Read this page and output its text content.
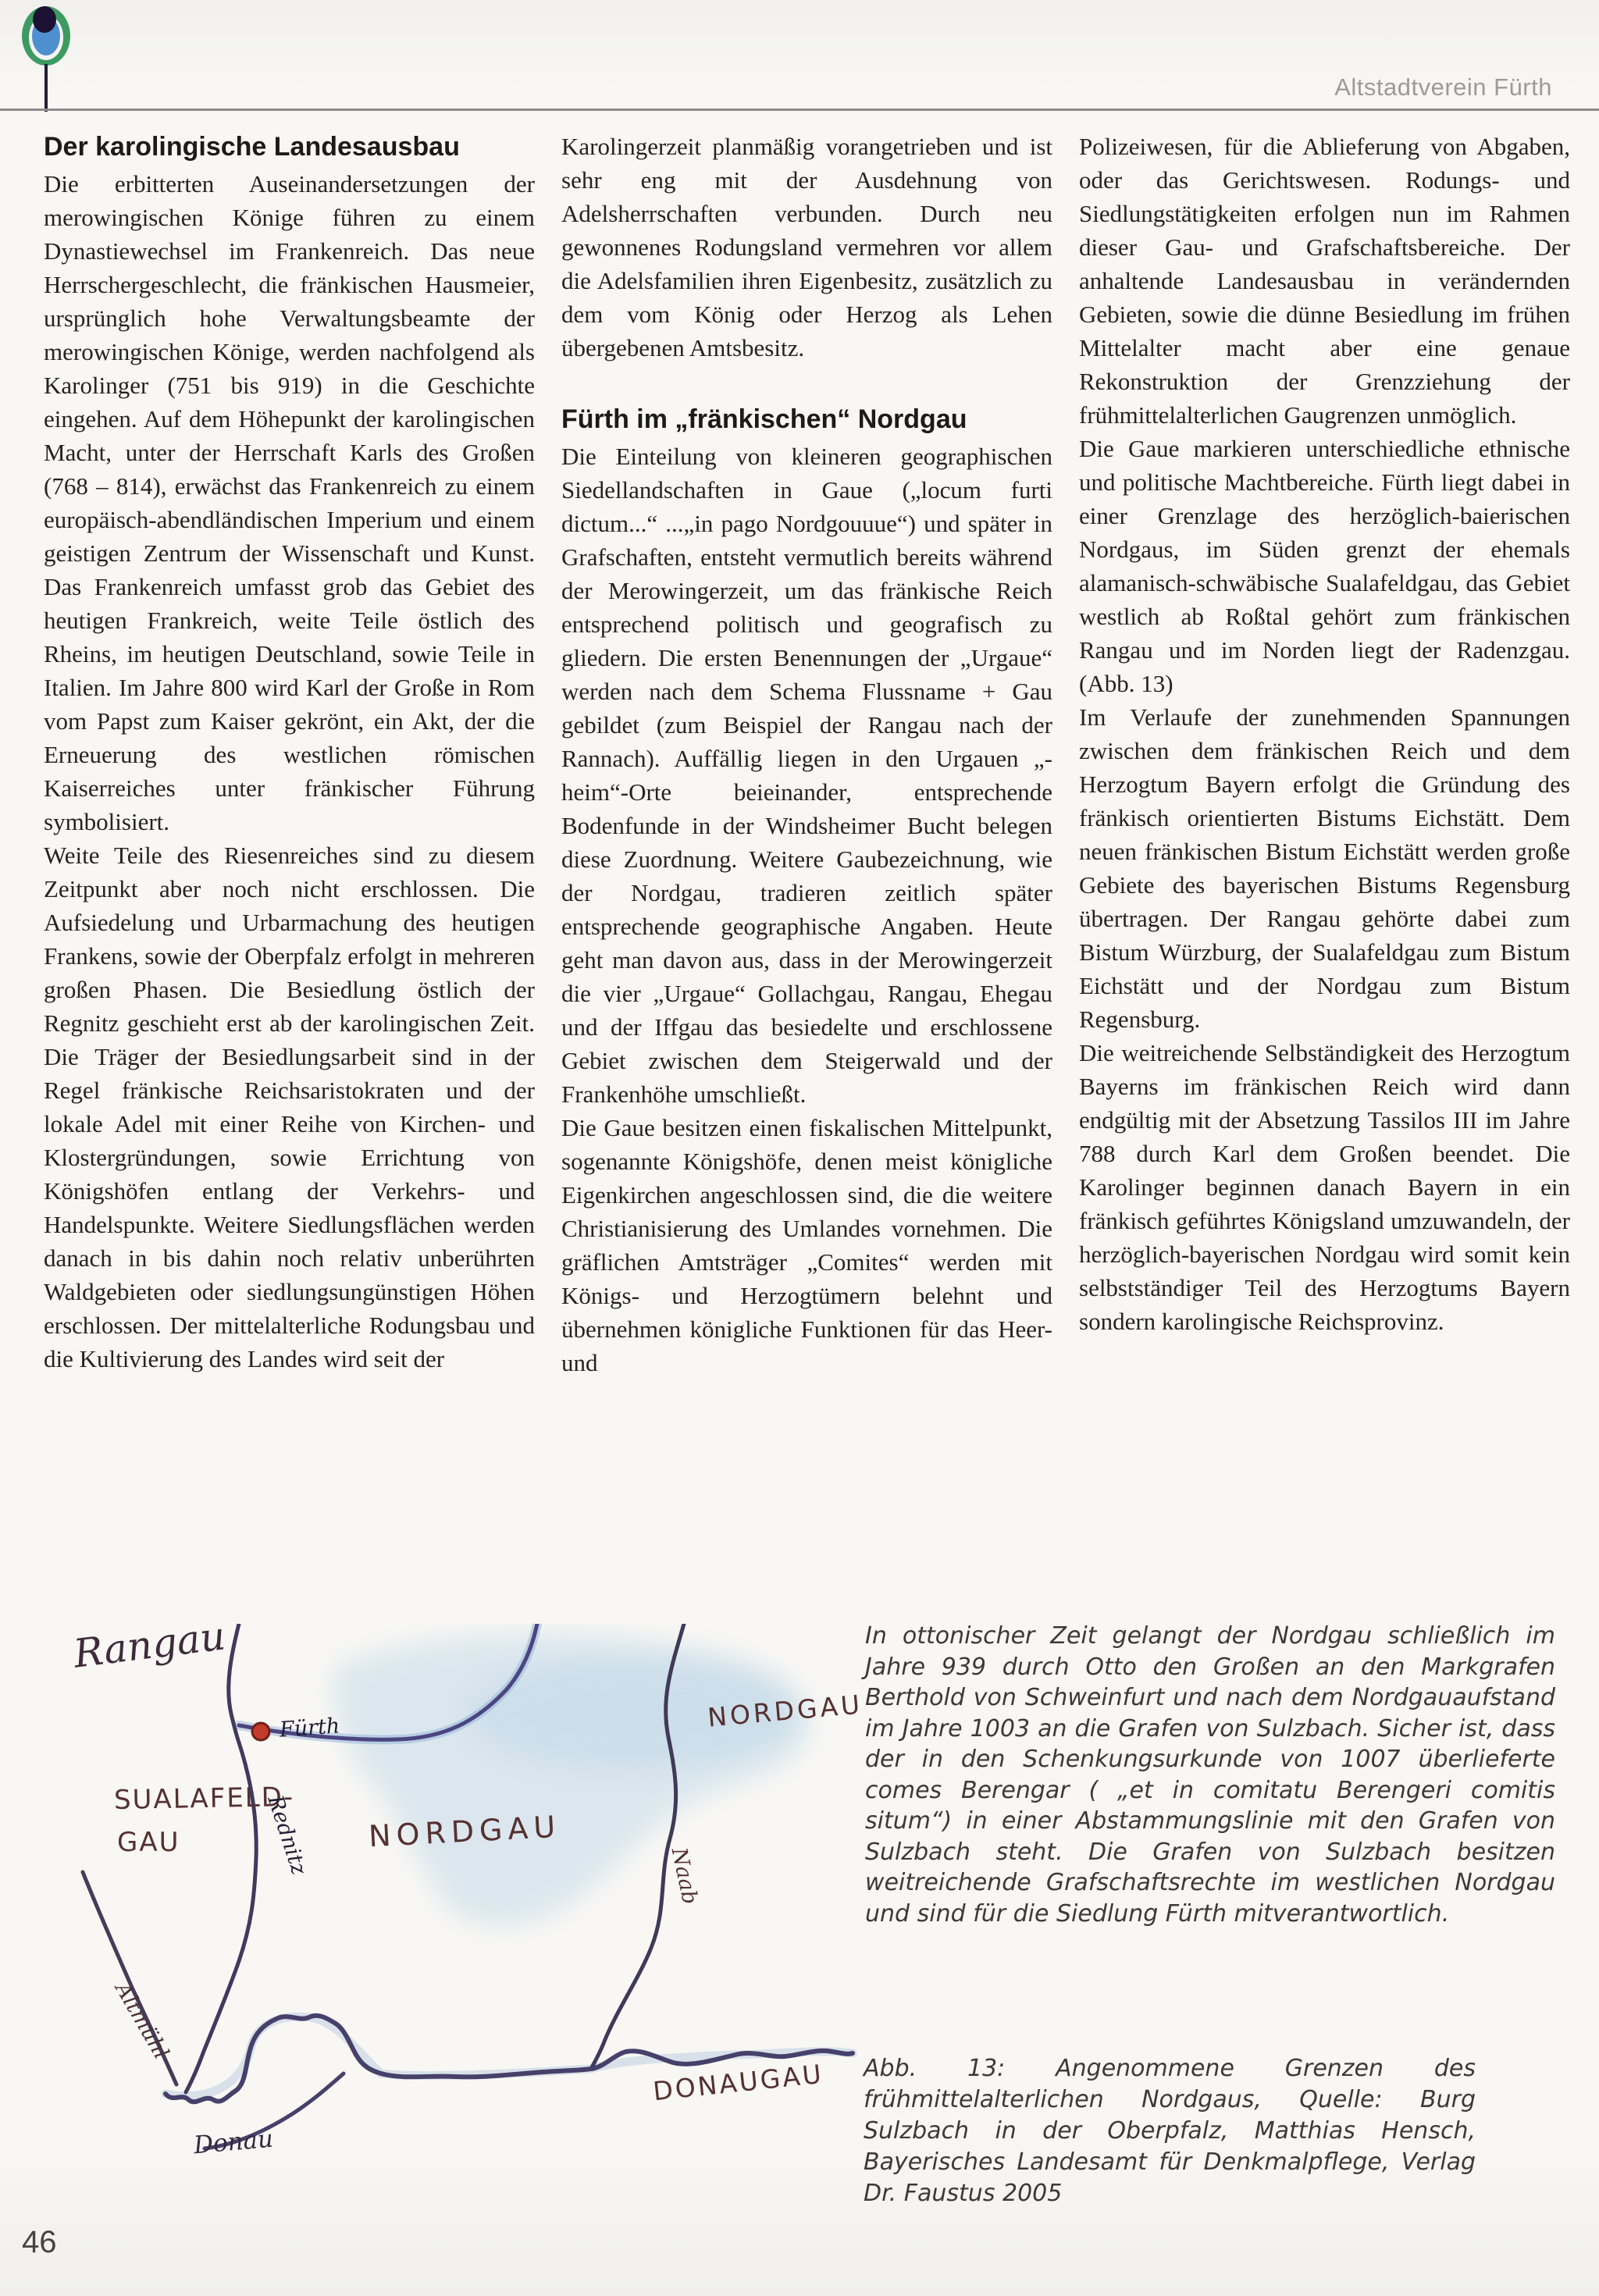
Altstadtverein Fürth
Der karolingische Landesausbau

Die erbitterten Auseinandersetzungen der merowingischen Könige führen zu einem Dynastiewechsel im Frankenreich. Das neue Herrschergeschlecht, die fränkischen Hausmeier, ursprünglich hohe Verwaltungsbeamte der merowingischen Könige, werden nachfolgend als Karolinger (751 bis 919) in die Geschichte eingehen. Auf dem Höhepunkt der karolingischen Macht, unter der Herrschaft Karls des Großen (768 – 814), erwächst das Frankenreich zu einem europäisch-abendländischen Imperium und einem geistigen Zentrum der Wissenschaft und Kunst. Das Frankenreich umfasst grob das Gebiet des heutigen Frankreich, weite Teile östlich des Rheins, im heutigen Deutschland, sowie Teile in Italien. Im Jahre 800 wird Karl der Große in Rom vom Papst zum Kaiser gekrönt, ein Akt, der die Erneuerung des westlichen römischen Kaiserreiches unter fränkischer Führung symbolisiert.

Weite Teile des Riesenreiches sind zu diesem Zeitpunkt aber noch nicht erschlossen. Die Aufsiedelung und Urbarmachung des heutigen Frankens, sowie der Oberpfalz erfolgt in mehreren großen Phasen. Die Besiedlung östlich der Regnitz geschieht erst ab der karolingischen Zeit. Die Träger der Besiedlungsarbeit sind in der Regel fränkische Reichsaristokraten und der lokale Adel mit einer Reihe von Kirchen- und Klostergründungen, sowie Errichtung von Königshöfen entlang der Verkehrs- und Handelspunkte. Weitere Siedlungsflächen werden danach in bis dahin noch relativ unberührten Waldgebieten oder siedlungsungünstigen Höhen erschlossen. Der mittelalterliche Rodungsbau und die Kultivierung des Landes wird seit der

Karolingerzeit planmäßig vorangetrieben und ist sehr eng mit der Ausdehnung von Adelsherrschaften verbunden. Durch neu gewonnenes Rodungsland vermehren vor allem die Adelsfamilien ihren Eigenbesitz, zusätzlich zu dem vom König oder Herzog als Lehen übergebenen Amtsbesitz.

Fürth im „fränkischen“ Nordgau

Die Einteilung von kleineren geographischen Siedellandschaften in Gaue („locum furti dictum...“ ...„in pago Nordgouuue“) und später in Grafschaften, entsteht vermutlich bereits während der Merowingerzeit, um das fränkische Reich entsprechend politisch und geografisch zu gliedern. Die ersten Benennungen der „Urgaue“ werden nach dem Schema Flussname + Gau gebildet (zum Beispiel der Rangau nach der Rannach). Auffällig liegen in den Urgauen „-heim“-Orte beieinander, entsprechende Bodenfunde in der Windsheimer Bucht belegen diese Zuordnung. Weitere Gaubezeichnung, wie der Nordgau, tradieren zeitlich später entsprechende geographische Angaben. Heute geht man davon aus, dass in der Merowingerzeit die vier „Urgaue“ Gollachgau, Rangau, Ehegau und der Iffgau das besiedelte und erschlossene Gebiet zwischen dem Steigerwald und der Frankenhöhe umschließt.

Die Gaue besitzen einen fiskalischen Mittelpunkt, sogenannte Königshöfe, denen meist königliche Eigenkirchen angeschlossen sind, die die weitere Christianisierung des Umlandes vornehmen. Die gräflichen Amtsträger „Comites“ werden mit Königs- und Herzogtümern belehnt und übernehmen königliche Funktionen für das Heer- und

Polizeiwesen, für die Ablieferung von Abgaben, oder das Gerichtswesen. Rodungs- und Siedlungstätigkeiten erfolgen nun im Rahmen dieser Gau- und Grafschaftsbereiche. Der anhaltende Landesausbau in verändernden Gebieten, sowie die dünne Besiedlung im frühen Mittelalter macht aber eine genaue Rekonstruktion der Grenzziehung der frühmittelalterlichen Gaugrenzen unmöglich.

Die Gaue markieren unterschiedliche ethnische und politische Machtbereiche. Fürth liegt dabei in einer Grenzlage des herzöglich-baierischen Nordgaus, im Süden grenzt der ehemals alamanisch-schwäbische Sualafeldgau, das Gebiet westlich ab Roßtal gehört zum fränkischen Rangau und im Norden liegt der Radenzgau. (Abb. 13)

Im Verlaufe der zunehmenden Spannungen zwischen dem fränkischen Reich und dem Herzogtum Bayern erfolgt die Gründung des fränkisch orientierten Bistums Eichstätt. Dem neuen fränkischen Bistum Eichstätt werden große Gebiete des bayerischen Bistums Regensburg übertragen. Der Rangau gehörte dabei zum Bistum Würzburg, der Sualafeldgau zum Bistum Eichstätt und der Nordgau zum Bistum Regensburg.

Die weitreichende Selbständigkeit des Herzogtum Bayerns im fränkischen Reich wird dann endgültig mit der Absetzung Tassilos III im Jahre 788 durch Karl dem Großen beendet. Die Karolinger beginnen danach Bayern in ein fränkisch geführtes Königsland umzuwandeln, der herzöglich-bayerischen Nordgau wird somit kein selbstständiger Teil des Herzogtums Bayern sondern karolingische Reichsprovinz.

Rangau
Fürth
SUALAFELD-
GAU	NORDGAU
NORDGAU
DONAUGAU
Donau
Altmühl
Rednitz	Naab
In ottonischer Zeit gelangt der Nordgau schließlich im Jahre 939 durch Otto den Großen an den Markgrafen Berthold von Schweinfurt und nach dem Nordgauaufstand im Jahre 1003 an die Grafen von Sulzbach. Sicher ist, dass der in den Schenkungsurkunde von 1007 überlieferte comes Berengar ( „et in comitatu Berengeri comitis situm“) in einer Abstammungslinie mit den Grafen von Sulzbach steht. Die Grafen von Sulzbach besitzen weitreichende Grafschaftsrechte im westlichen Nordgau und sind für die Siedlung Fürth mitverantwortlich.
Abb. 13: Angenommene Grenzen des frühmittelalterlichen Nordgaus, Quelle: Burg Sulzbach in der Oberpfalz, Matthias Hensch, Bayerisches Landesamt für Denkmalpflege, Verlag Dr. Faustus 2005
46
